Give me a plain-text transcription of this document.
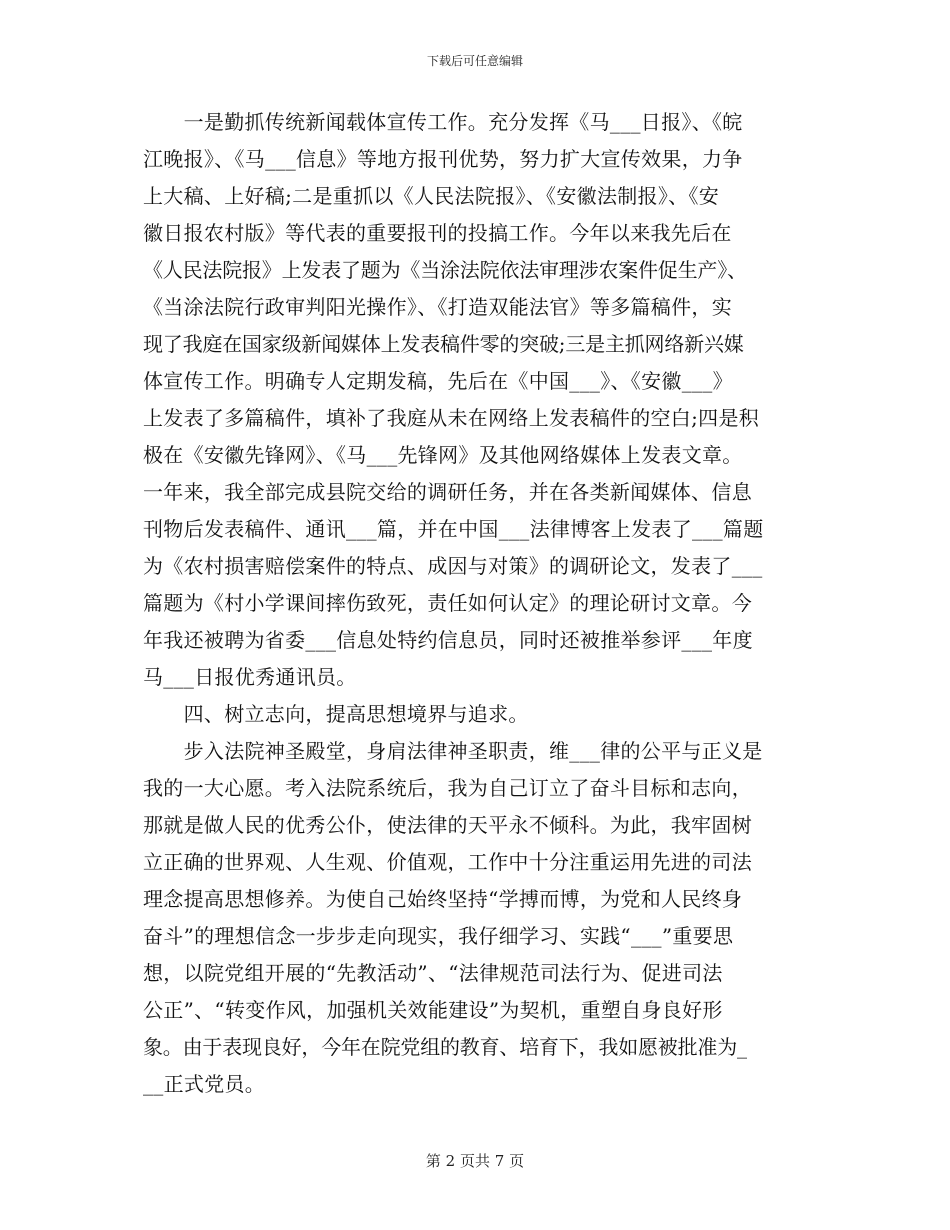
下载后可任意编辑
　　一是勤抓传统新闻载体宣传工作。充分发挥《马___日报》、《皖
江晚报》、《马___信息》等地方报刊优势，努力扩大宣传效果，力争
上大稿、上好稿;二是重抓以《人民法院报》、《安徽法制报》、《安
徽日报农村版》等代表的重要报刊的投搞工作。今年以来我先后在
《人民法院报》上发表了题为《当涂法院依法审理涉农案件促生产》、
《当涂法院行政审判阳光操作》、《打造双能法官》等多篇稿件，实
现了我庭在国家级新闻媒体上发表稿件零的突破;三是主抓网络新兴媒
体宣传工作。明确专人定期发稿，先后在《中国___》、《安徽___》
上发表了多篇稿件，填补了我庭从未在网络上发表稿件的空白;四是积
极在《安徽先锋网》、《马___先锋网》及其他网络媒体上发表文章。
一年来，我全部完成县院交给的调研任务，并在各类新闻媒体、信息
刊物后发表稿件、通讯___篇，并在中国___法律博客上发表了___篇题
为《农村损害赔偿案件的特点、成因与对策》的调研论文，发表了___
篇题为《村小学课间摔伤致死，责任如何认定》的理论研讨文章。今
年我还被聘为省委___信息处特约信息员，同时还被推举参评___年度
马___日报优秀通讯员。
　　四、树立志向，提高思想境界与追求。
　　步入法院神圣殿堂，身肩法律神圣职责，维___律的公平与正义是
我的一大心愿。考入法院系统后，我为自己订立了奋斗目标和志向，
那就是做人民的优秀公仆，使法律的天平永不倾科。为此，我牢固树
立正确的世界观、人生观、价值观，工作中十分注重运用先进的司法
理念提高思想修养。为使自己始终坚持“学搏而博，为党和人民终身
奋斗”的理想信念一步步走向现实，我仔细学习、实践“___”重要思
想，以院党组开展的“先教活动”、“法律规范司法行为、促进司法
公正”、“转变作风，加强机关效能建设”为契机，重塑自身良好形
象。由于表现良好，今年在院党组的教育、培育下，我如愿被批准为_
__正式党员。
第 2 页共 7 页
